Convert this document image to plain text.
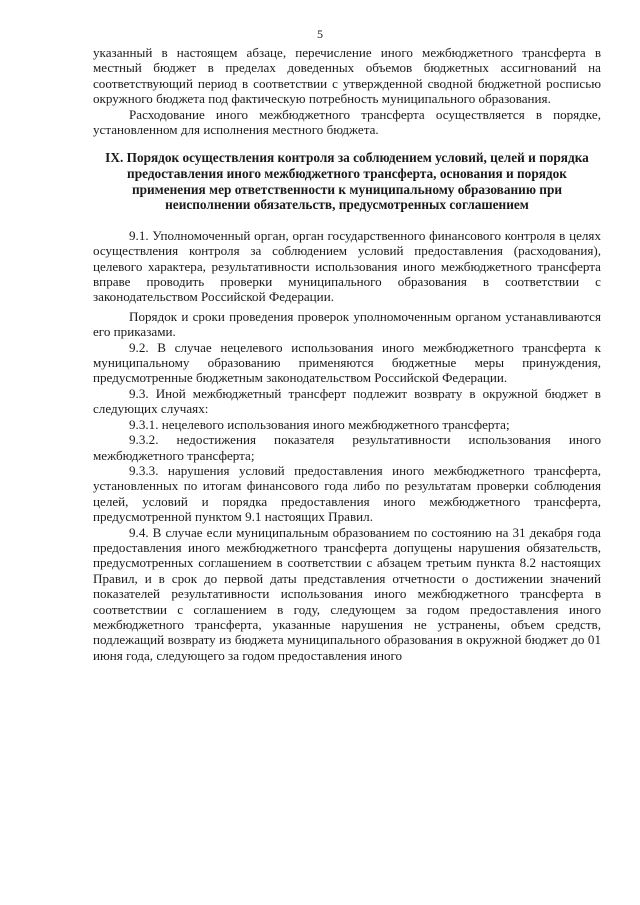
5

указанный в настоящем абзаце, перечисление иного межбюджетного трансферта в местный бюджет в пределах доведенных объемов бюджетных ассигнований на соответствующий период в соответствии с утвержденной сводной бюджетной росписью окружного бюджета под фактическую потребность муниципального образования.

Расходование иного межбюджетного трансферта осуществляется в порядке, установленном для исполнения местного бюджета.

IX. Порядок осуществления контроля за соблюдением условий, целей и порядка предоставления иного межбюджетного трансферта, основания и порядок применения мер ответственности к муниципальному образованию при неисполнении обязательств, предусмотренных соглашением

9.1. Уполномоченный орган, орган государственного финансового контроля в целях осуществления контроля за соблюдением условий предоставления (расходования), целевого характера, результативности использования иного межбюджетного трансферта вправе проводить проверки муниципального образования в соответствии с законодательством Российской Федерации.

Порядок и сроки проведения проверок уполномоченным органом устанавливаются его приказами.

9.2. В случае нецелевого использования иного межбюджетного трансферта к муниципальному образованию применяются бюджетные меры принуждения, предусмотренные бюджетным законодательством Российской Федерации.

9.3. Иной межбюджетный трансферт подлежит возврату в окружной бюджет в следующих случаях:

9.3.1. нецелевого использования иного межбюджетного трансферта;

9.3.2. недостижения показателя результативности использования иного межбюджетного трансферта;

9.3.3. нарушения условий предоставления иного межбюджетного трансферта, установленных по итогам финансового года либо по результатам проверки соблюдения целей, условий и порядка предоставления иного межбюджетного трансферта, предусмотренной пунктом 9.1 настоящих Правил.

9.4. В случае если муниципальным образованием по состоянию на 31 декабря года предоставления иного межбюджетного трансферта допущены нарушения обязательств, предусмотренных соглашением в соответствии с абзацем третьим пункта 8.2 настоящих Правил, и в срок до первой даты представления отчетности о достижении значений показателей результативности использования иного межбюджетного трансферта в соответствии с соглашением в году, следующем за годом предоставления иного межбюджетного трансферта, указанные нарушения не устранены, объем средств, подлежащий возврату из бюджета муниципального образования в окружной бюджет до 01 июня года, следующего за годом предоставления иного
